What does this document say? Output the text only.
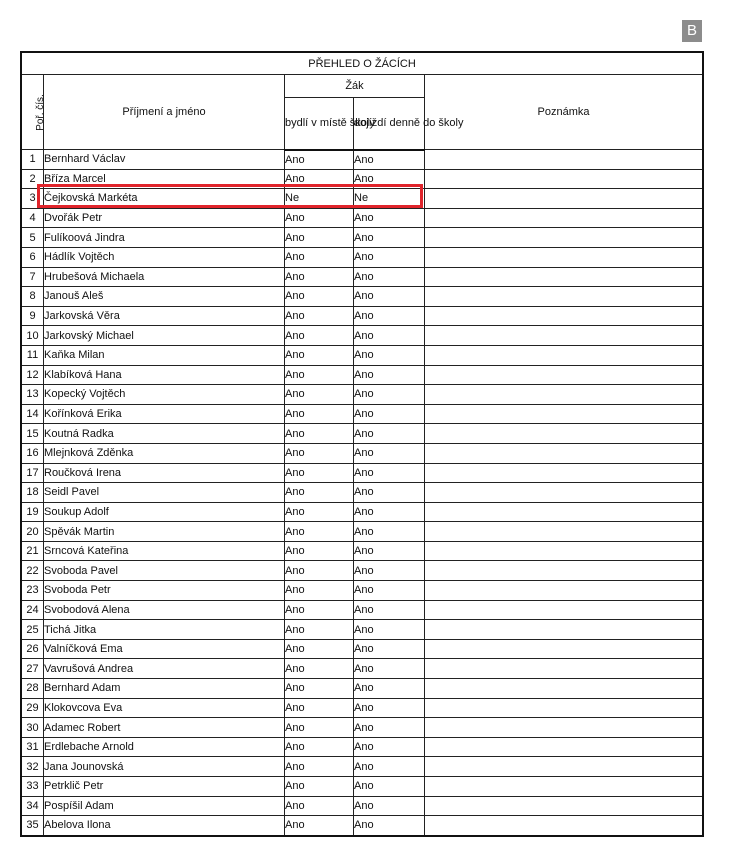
B
PŘEHLED O ŽÁCÍCH				
Poř. čís.	Příjmení a jméno	Žák		Poznámka
		bydlí v místě školy	dojíždí denně do školy	
1	Bernhard Václav	Ano	Ano	
2	Bříza Marcel	Ano	Ano	
3	Čejkovská Markéta	Ne	Ne	
4	Dvořák Petr	Ano	Ano	
5	Fulíkoová Jindra	Ano	Ano	
6	Hádlík Vojtěch	Ano	Ano	
7	Hrubešová Michaela	Ano	Ano	
8	Janouš Aleš	Ano	Ano	
9	Jarkovská Věra	Ano	Ano	
10	Jarkovský Michael	Ano	Ano	
11	Kaňka Milan	Ano	Ano	
12	Klabíková Hana	Ano	Ano	
13	Kopecký Vojtěch	Ano	Ano	
14	Kořínková Erika	Ano	Ano	
15	Koutná Radka	Ano	Ano	
16	Mlejnková Zděnka	Ano	Ano	
17	Roučková Irena	Ano	Ano	
18	Seidl Pavel	Ano	Ano	
19	Soukup Adolf	Ano	Ano	
20	Spěvák Martin	Ano	Ano	
21	Srncová Kateřina	Ano	Ano	
22	Svoboda Pavel	Ano	Ano	
23	Svoboda Petr	Ano	Ano	
24	Svobodová Alena	Ano	Ano	
25	Tichá Jitka	Ano	Ano	
26	Valníčková Ema	Ano	Ano	
27	Vavrušová Andrea	Ano	Ano	
28	Bernhard Adam	Ano	Ano	
29	Klokovcova Eva	Ano	Ano	
30	Adamec Robert	Ano	Ano	
31	Erdlebache Arnold	Ano	Ano	
32	Jana Jounovská	Ano	Ano	
33	Petrklič Petr	Ano	Ano	
34	Pospíšil Adam	Ano	Ano	
35	Abelova Ilona	Ano	Ano	
